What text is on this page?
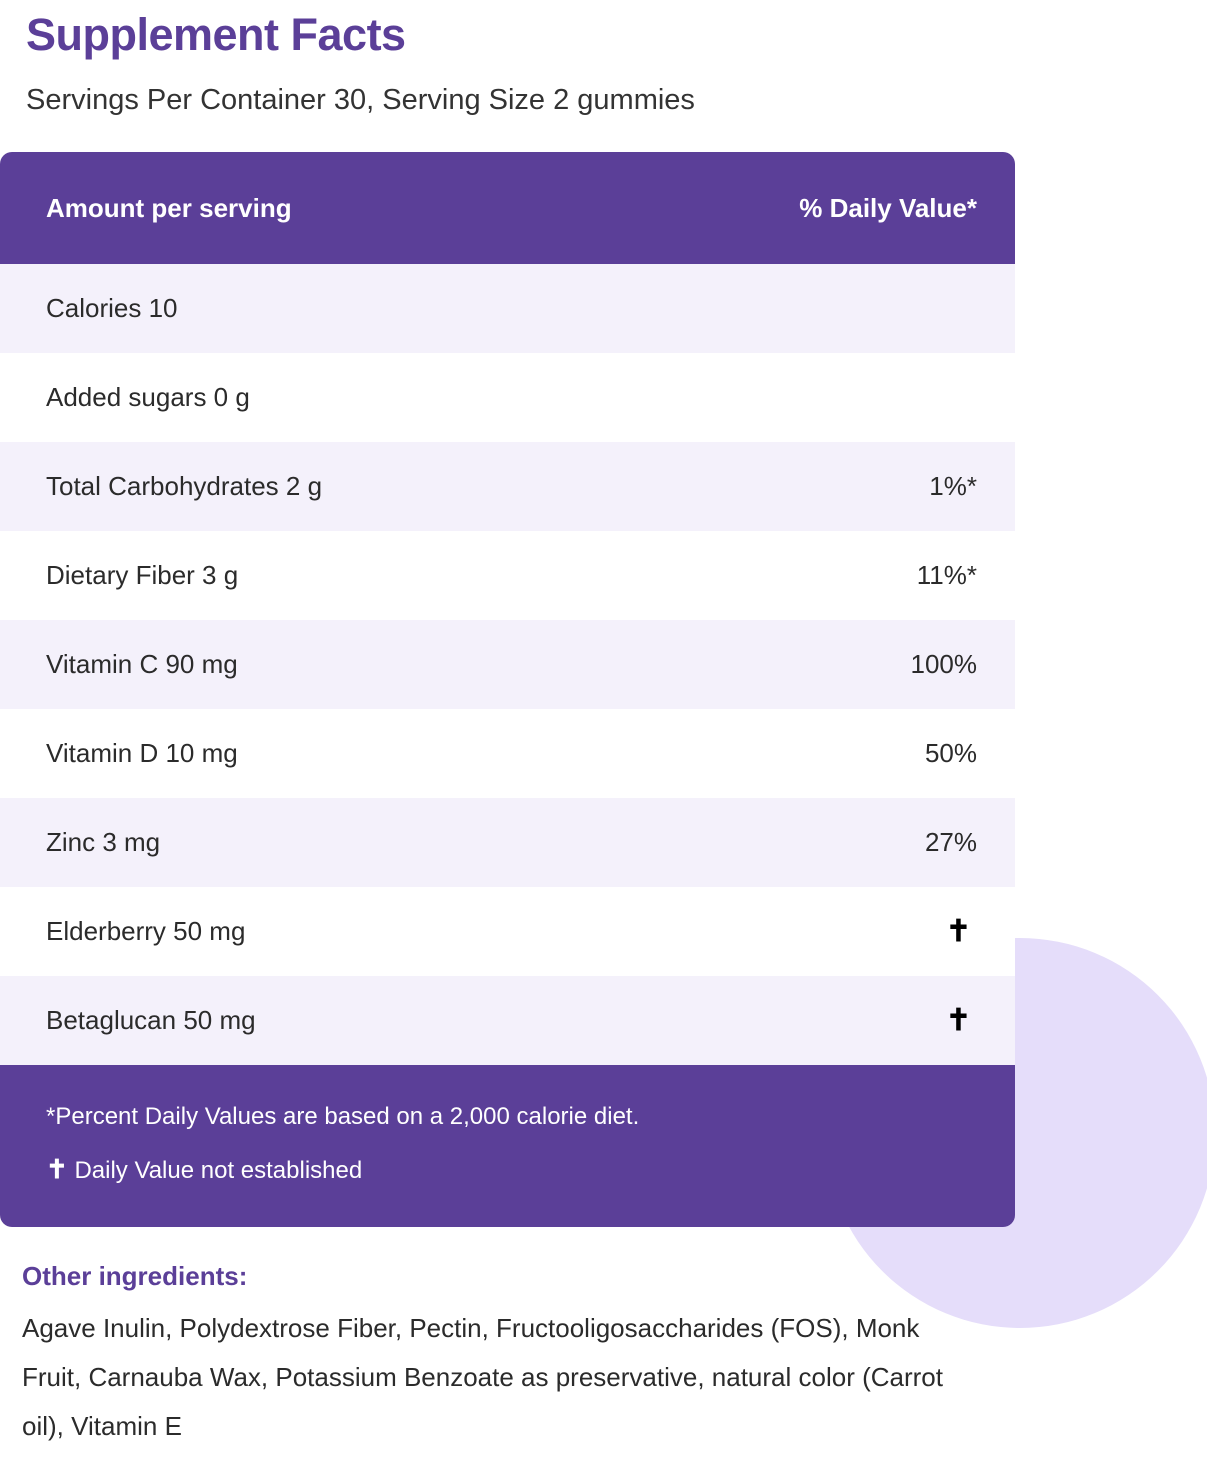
Supplement Facts
Servings Per Container 30, Serving Size 2 gummies
Amount per serving	% Daily Value*
Calories 10
Added sugars 0 g
Total Carbohydrates 2 g	1%*
Dietary Fiber 3 g	11%*
Vitamin C 90 mg	100%
Vitamin D 10 mg	50%
Zinc 3 mg	27%
Elderberry 50 mg	✝
Betaglucan 50 mg	✝
*Percent Daily Values are based on a 2,000 calorie diet.
✝ Daily Value not established
Other ingredients:
Agave Inulin, Polydextrose Fiber, Pectin, Fructooligosaccharides (FOS), Monk Fruit, Carnauba Wax, Potassium Benzoate as preservative, natural color (Carrot oil), Vitamin E
